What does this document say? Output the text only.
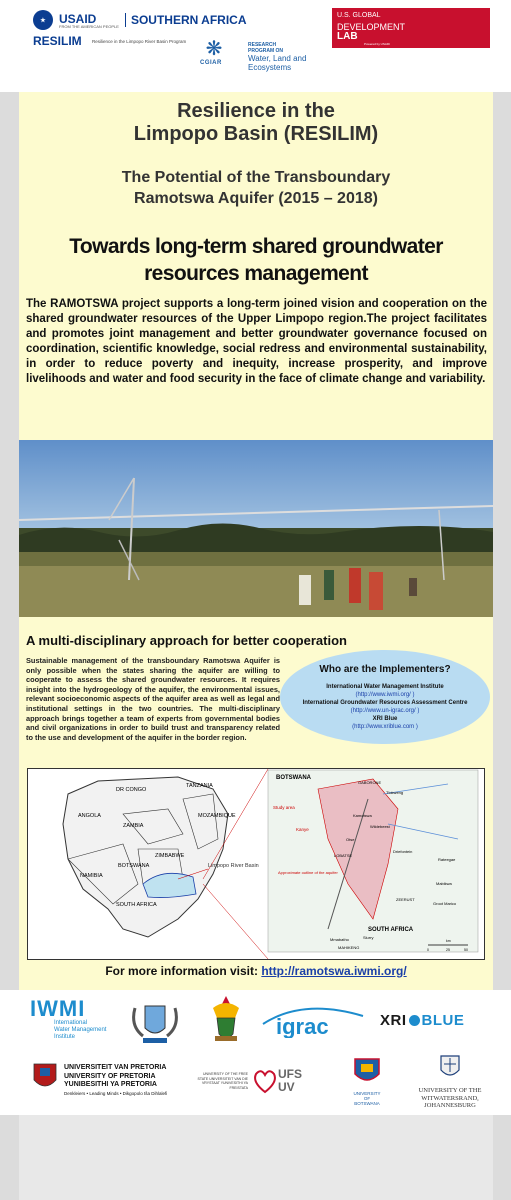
★	USAID
FROM THE AMERICAN PEOPLE	SOUTHERN AFRICA
RESILIM Resilience in the Limpopo River Basin Program ❋
CGIAR
RESEARCH
PROGRAM ON
Water, Land and
Ecosystems
U.S. GLOBAL
DEVELOPMENT
LAB
Powered by USAID
Resilience in the
Limpopo Basin (RESILIM)
The Potential of the Transboundary
Ramotswa Aquifer (2015 – 2018)
Towards long-term shared groundwater
resources management
The RAMOTSWA project supports a long-term joined vision and cooperation on the shared groundwater resources of the Upper Limpopo region.The project facilitates and promotes joint management and better groundwater governance focused on coordination, scientific knowledge, social redress and environmental sustainability, in order to reduce poverty and inequity, increase prosperity, and improve livelihoods and water and food security in the face of climate change and variability.
A multi-disciplinary approach for better cooperation
Sustainable management of the transboundary Ramotswa Aquifer is only possible when the states sharing the aquifer are willing to cooperate to assess the shared groundwater resources. It requires insight into the hydrogeology of the aquifer, the environmental issues, relevant socioeconomic aspects of the aquifer area as well as legal and institutional settings in the two countries. The multi-disciplinary approach brings together a team of experts from governmental bodies and civil organizations in order to build trust and transparency related to the use and development of the aquifer in the border region.
Who are the Implementers?
International Water Management Institute
(http://www.iwmi.org/ )
International Groundwater Resources Assessment Centre
(http://www.un-igrac.org/ )
XRI Blue
(http://www.xriblue.com )
DR CONGO
TANZANIA
ANGOLA
ZAMBIA
MOZAMBIQUE
ZIMBABWE
NAMIBIA
BOTSWANA
SOUTH AFRICA
Limpopo River Basin
BOTSWANA
SOUTH AFRICA
Study area
Kanye
Approximate outline of the aquifer
GABORONE
Tlokweng
Kamotswa
Wildebeest
Otse
LOBATSE
Driefontein
Rateegae
Mabikwa
ZEERUST
Groot Marico
Mmabatho	Slurry
MAHIKENG
km
0	25	50
For more information visit: http://ramotswa.iwmi.org/
IWMI
International
Water Management
Institute	igrac	XRI BLUE
UNIVERSITEIT VAN PRETORIA
UNIVERSITY OF PRETORIA
YUNIBESITHI YA PRETORIA
Denkleiers • Leading Minds • Dikgopolo tša Dihlalefi
UNIVERSITY OF THE FREE STATE UNIVERSITEIT VAN DIE VRYSTAAT YUNIVESITHI YA FREISTATA
UFS
UV	UNIVERSITY
OF
BOTSWANA
UNIVERSITY OF THE
WITWATERSRAND,
JOHANNESBURG
